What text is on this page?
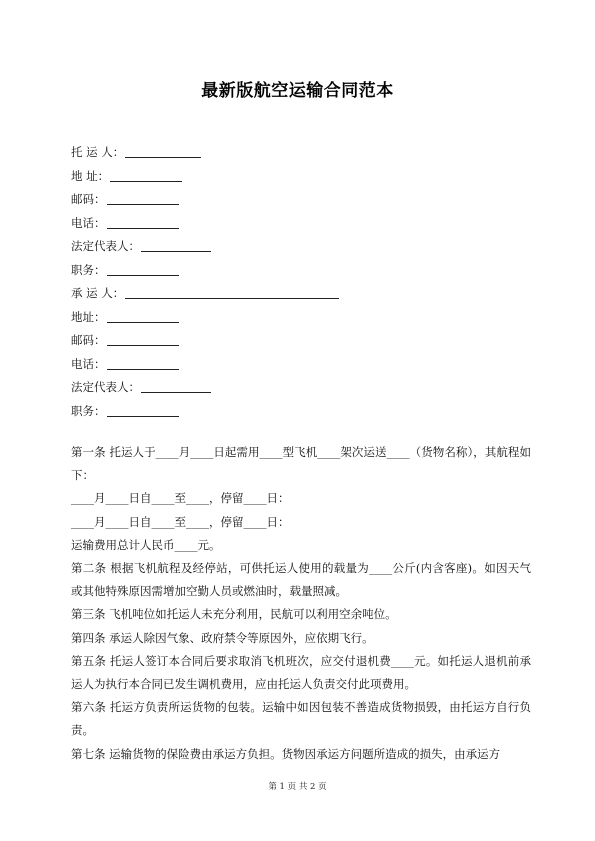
最新版航空运输合同范本
托 运 人：
地 址：
邮码：
电话：
法定代表人：
职务：
承 运 人：
地址：
邮码：
电话：
法定代表人：
职务：

第一条 托运人于____月____日起需用____型飞机____架次运送____（货物名称），其航程如下：

____月____日自____至____，停留____日：

____月____日自____至____，停留____日：

运输费用总计人民币____元。

第二条 根据飞机航程及经停站，可供托运人使用的载量为____公斤(内含客座)。如因天气或其他特殊原因需增加空勤人员或燃油时，载量照减。

第三条 飞机吨位如托运人未充分利用，民航可以利用空余吨位。

第四条 承运人除因气象、政府禁令等原因外，应依期飞行。

第五条 托运人签订本合同后要求取消飞机班次，应交付退机费____元。如托运人退机前承运人为执行本合同已发生调机费用，应由托运人负责交付此项费用。

第六条 托运方负责所运货物的包装。运输中如因包装不善造成货物损毁，由托运方自行负责。

第七条 运输货物的保险费由承运方负担。货物因承运方问题所造成的损失，由承运方

第 1 页 共 2 页
